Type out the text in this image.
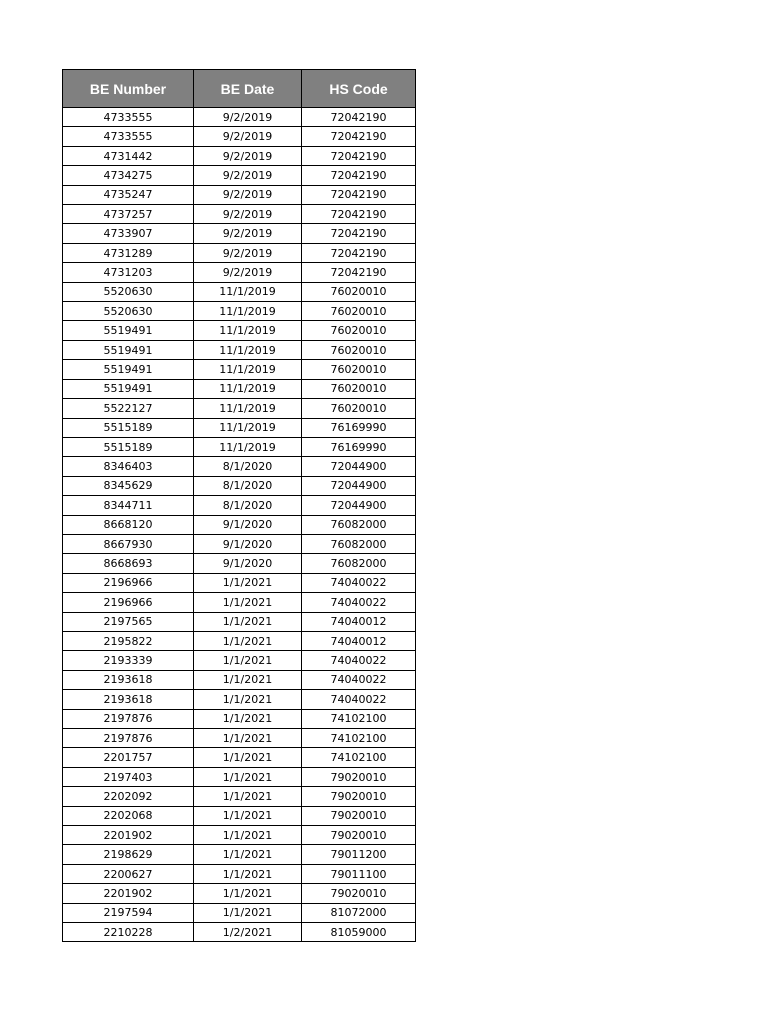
BE Number	BE Date	HS Code
4733555	9/2/2019	72042190
4733555	9/2/2019	72042190
4731442	9/2/2019	72042190
4734275	9/2/2019	72042190
4735247	9/2/2019	72042190
4737257	9/2/2019	72042190
4733907	9/2/2019	72042190
4731289	9/2/2019	72042190
4731203	9/2/2019	72042190
5520630	11/1/2019	76020010
5520630	11/1/2019	76020010
5519491	11/1/2019	76020010
5519491	11/1/2019	76020010
5519491	11/1/2019	76020010
5519491	11/1/2019	76020010
5522127	11/1/2019	76020010
5515189	11/1/2019	76169990
5515189	11/1/2019	76169990
8346403	8/1/2020	72044900
8345629	8/1/2020	72044900
8344711	8/1/2020	72044900
8668120	9/1/2020	76082000
8667930	9/1/2020	76082000
8668693	9/1/2020	76082000
2196966	1/1/2021	74040022
2196966	1/1/2021	74040022
2197565	1/1/2021	74040012
2195822	1/1/2021	74040012
2193339	1/1/2021	74040022
2193618	1/1/2021	74040022
2193618	1/1/2021	74040022
2197876	1/1/2021	74102100
2197876	1/1/2021	74102100
2201757	1/1/2021	74102100
2197403	1/1/2021	79020010
2202092	1/1/2021	79020010
2202068	1/1/2021	79020010
2201902	1/1/2021	79020010
2198629	1/1/2021	79011200
2200627	1/1/2021	79011100
2201902	1/1/2021	79020010
2197594	1/1/2021	81072000
2210228	1/2/2021	81059000
